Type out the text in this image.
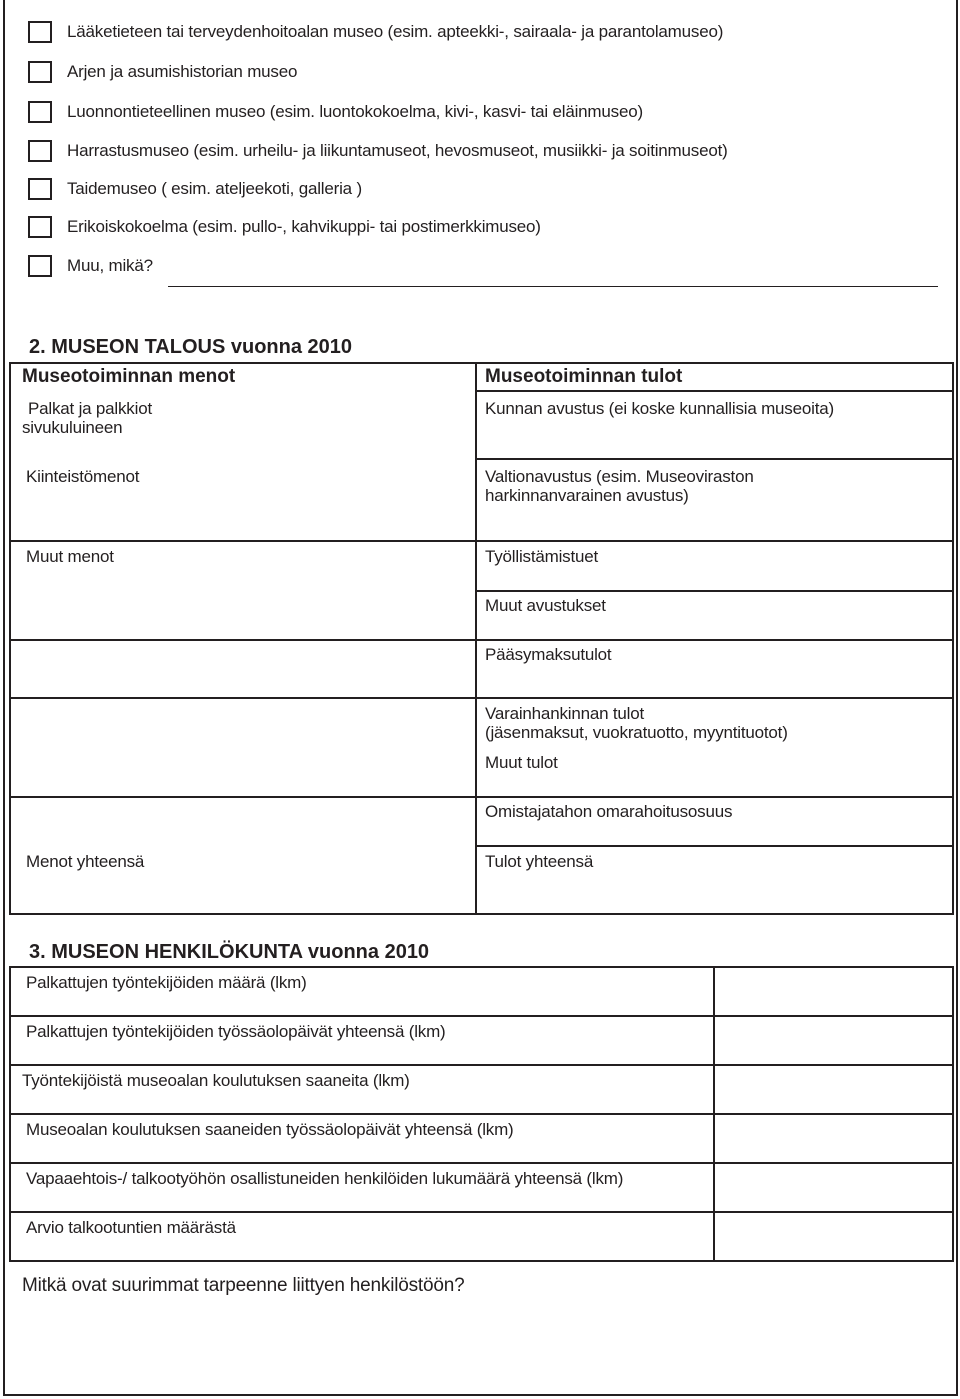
Lääketieteen tai terveydenhoitoalan museo (esim. apteekki-, sairaala- ja parantolamuseo)
Arjen ja asumishistorian museo
Luonnontieteellinen museo (esim. luontokokoelma, kivi-, kasvi- tai eläinmuseo)
Harrastusmuseo (esim. urheilu- ja liikuntamuseot, hevosmuseot, musiikki- ja soitinmuseot)
Taidemuseo ( esim. ateljeekoti, galleria )
Erikoiskokoelma (esim. pullo-, kahvikuppi- tai postimerkkimuseo)
Muu, mikä?
2. MUSEON TALOUS vuonna 2010
Museotoiminnan menot	Museotoiminnan tulot
Palkat ja palkkiot
sivukuluineen
Kiinteistömenot
Muut menot
Menot yhteensä
Kunnan avustus (ei koske kunnallisia museoita)
Valtionavustus (esim. Museoviraston
harkinnanvarainen avustus)
Työllistämistuet
Muut avustukset
Pääsymaksutulot
Varainhankinnan tulot
(jäsenmaksut, vuokratuotto, myyntituotot)
Muut tulot
Omistajatahon omarahoitusosuus
Tulot yhteensä
3. MUSEON HENKILÖKUNTA vuonna 2010
Palkattujen työntekijöiden määrä (lkm)
Palkattujen työntekijöiden työssäolopäivät yhteensä (lkm)
Työntekijöistä museoalan koulutuksen saaneita (lkm)
Museoalan koulutuksen saaneiden työssäolopäivät yhteensä (lkm)
Vapaaehtois-/ talkootyöhön osallistuneiden henkilöiden lukumäärä yhteensä (lkm)
Arvio talkootuntien määrästä
Mitkä ovat suurimmat tarpeenne liittyen henkilöstöön?
